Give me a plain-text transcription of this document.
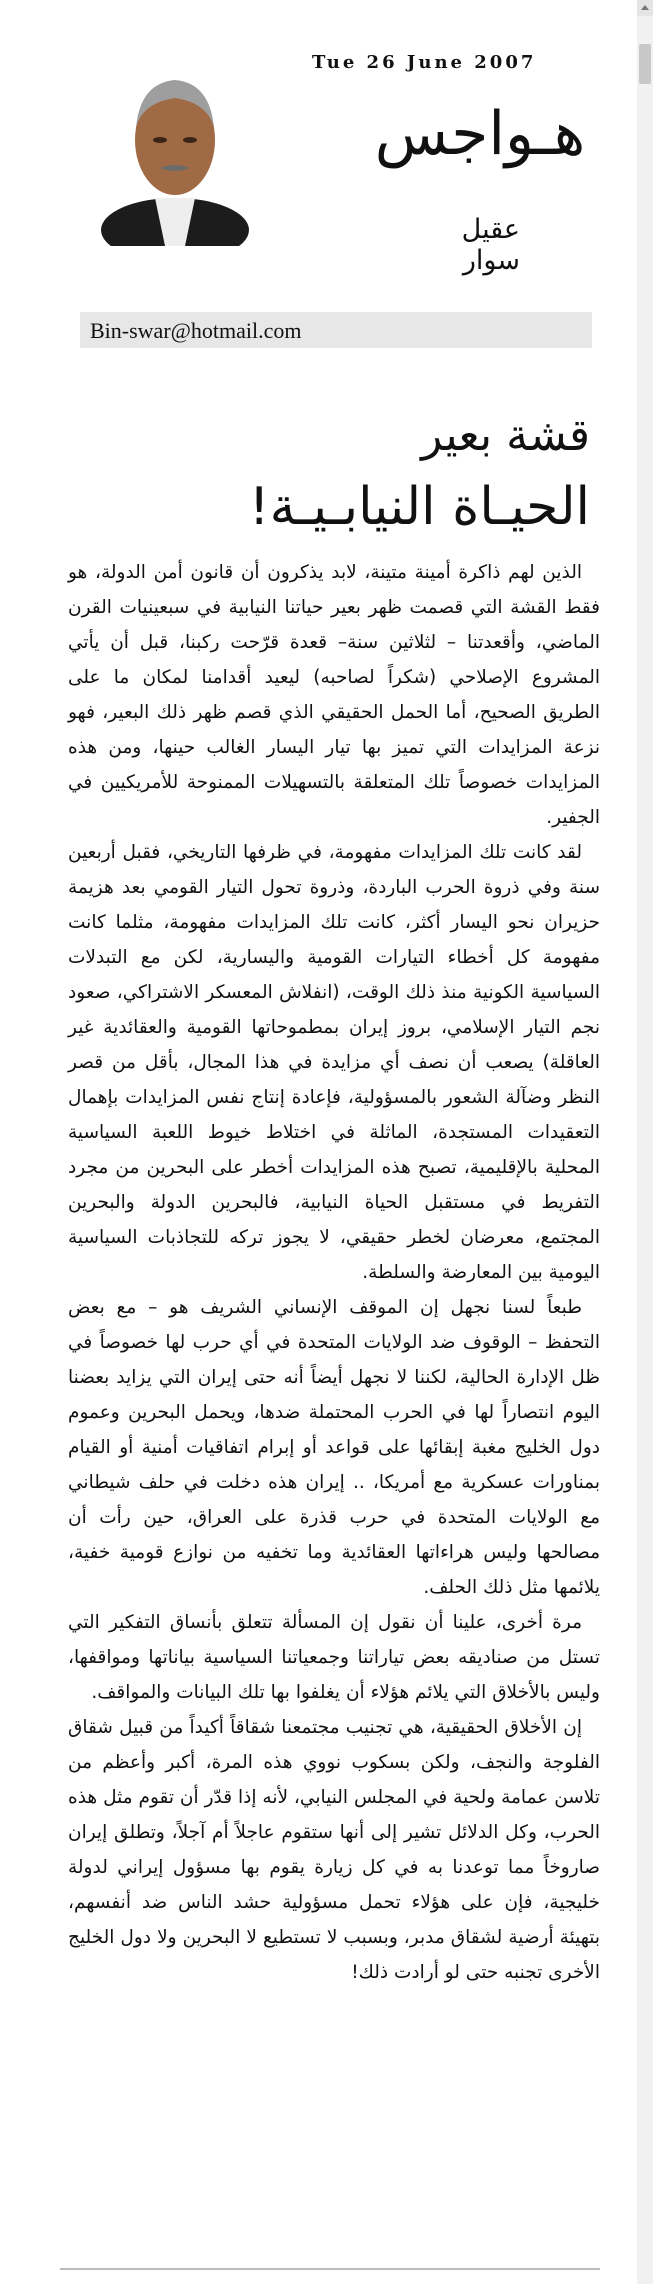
Tue 26 June 2007
هـواجس
عقيل سوار
Bin-swar@hotmail.com
قشة بعير
الحيـاة النيابـيـة!

الذين لهم ذاكرة أمينة متينة، لابد يذكرون أن قانون أمن الدولة، هو فقط القشة التي قصمت ظهر بعير حياتنا النيابية في سبعينيات القرن الماضي، وأقعدتنا – لثلاثين سنة– قعدة قرّحت ركبنا، قبل أن يأتي المشروع الإصلاحي (شكراً لصاحبه) ليعيد أقدامنا لمكان ما على الطريق الصحيح، أما الحمل الحقيقي الذي قصم ظهر ذلك البعير، فهو نزعة المزايدات التي تميز بها تيار اليسار الغالب حينها، ومن هذه المزايدات خصوصاً تلك المتعلقة بالتسهيلات الممنوحة للأمريكيين في الجفير.

لقد كانت تلك المزايدات مفهومة، في ظرفها التاريخي، فقبل أربعين سنة وفي ذروة الحرب الباردة، وذروة تحول التيار القومي بعد هزيمة حزيران نحو اليسار أكثر، كانت تلك المزايدات مفهومة، مثلما كانت مفهومة كل أخطاء التيارات القومية واليسارية، لكن مع التبدلات السياسية الكونية منذ ذلك الوقت، (انفلاش المعسكر الاشتراكي، صعود نجم التيار الإسلامي، بروز إيران بمطموحاتها القومية والعقائدية غير العاقلة) يصعب أن نصف أي مزايدة في هذا المجال، بأقل من قصر النظر وضآلة الشعور بالمسؤولية، فإعادة إنتاج نفس المزايدات بإهمال التعقيدات المستجدة، الماثلة في اختلاط خيوط اللعبة السياسية المحلية بالإقليمية، تصبح هذه المزايدات أخطر على البحرين من مجرد التفريط في مستقبل الحياة النيابية، فالبحرين الدولة والبحرين المجتمع، معرضان لخطر حقيقي، لا يجوز تركه للتجاذبات السياسية اليومية بين المعارضة والسلطة.

طبعاً لسنا نجهل إن الموقف الإنساني الشريف هو – مع بعض التحفظ – الوقوف ضد الولايات المتحدة في أي حرب لها خصوصاً في ظل الإدارة الحالية، لكننا لا نجهل أيضاً أنه حتى إيران التي يزايد بعضنا اليوم انتصاراً لها في الحرب المحتملة ضدها، ويحمل البحرين وعموم دول الخليج مغبة إبقائها على قواعد أو إبرام اتفاقيات أمنية أو القيام بمناورات عسكرية مع أمريكا، .. إيران هذه دخلت في حلف شيطاني مع الولايات المتحدة في حرب قذرة على العراق، حين رأت أن مصالحها وليس هراءاتها العقائدية وما تخفيه من نوازع قومية خفية، يلائمها مثل ذلك الحلف.

مرة أخرى، علينا أن نقول إن المسألة تتعلق بأنساق التفكير التي تستل من صناديقه بعض تياراتنا وجمعياتنا السياسية بياناتها ومواقفها، وليس بالأخلاق التي يلائم هؤلاء أن يغلفوا بها تلك البيانات والمواقف.

إن الأخلاق الحقيقية، هي تجنيب مجتمعنا شقاقاً أكيداً من قبيل شقاق الفلوجة والنجف، ولكن بسكوب نووي هذه المرة، أكبر وأعظم من تلاسن عمامة ولحية في المجلس النيابي، لأنه إذا قدّر أن تقوم مثل هذه الحرب، وكل الدلائل تشير إلى أنها ستقوم عاجلاً أم آجلاً، وتطلق إيران صاروخاً مما توعدنا به في كل زيارة يقوم بها مسؤول إيراني لدولة خليجية، فإن على هؤلاء تحمل مسؤولية حشد الناس ضد أنفسهم، بتهيئة أرضية لشقاق مدبر، وبسبب لا تستطيع لا البحرين ولا دول الخليج الأخرى تجنبه حتى لو أرادت ذلك!
